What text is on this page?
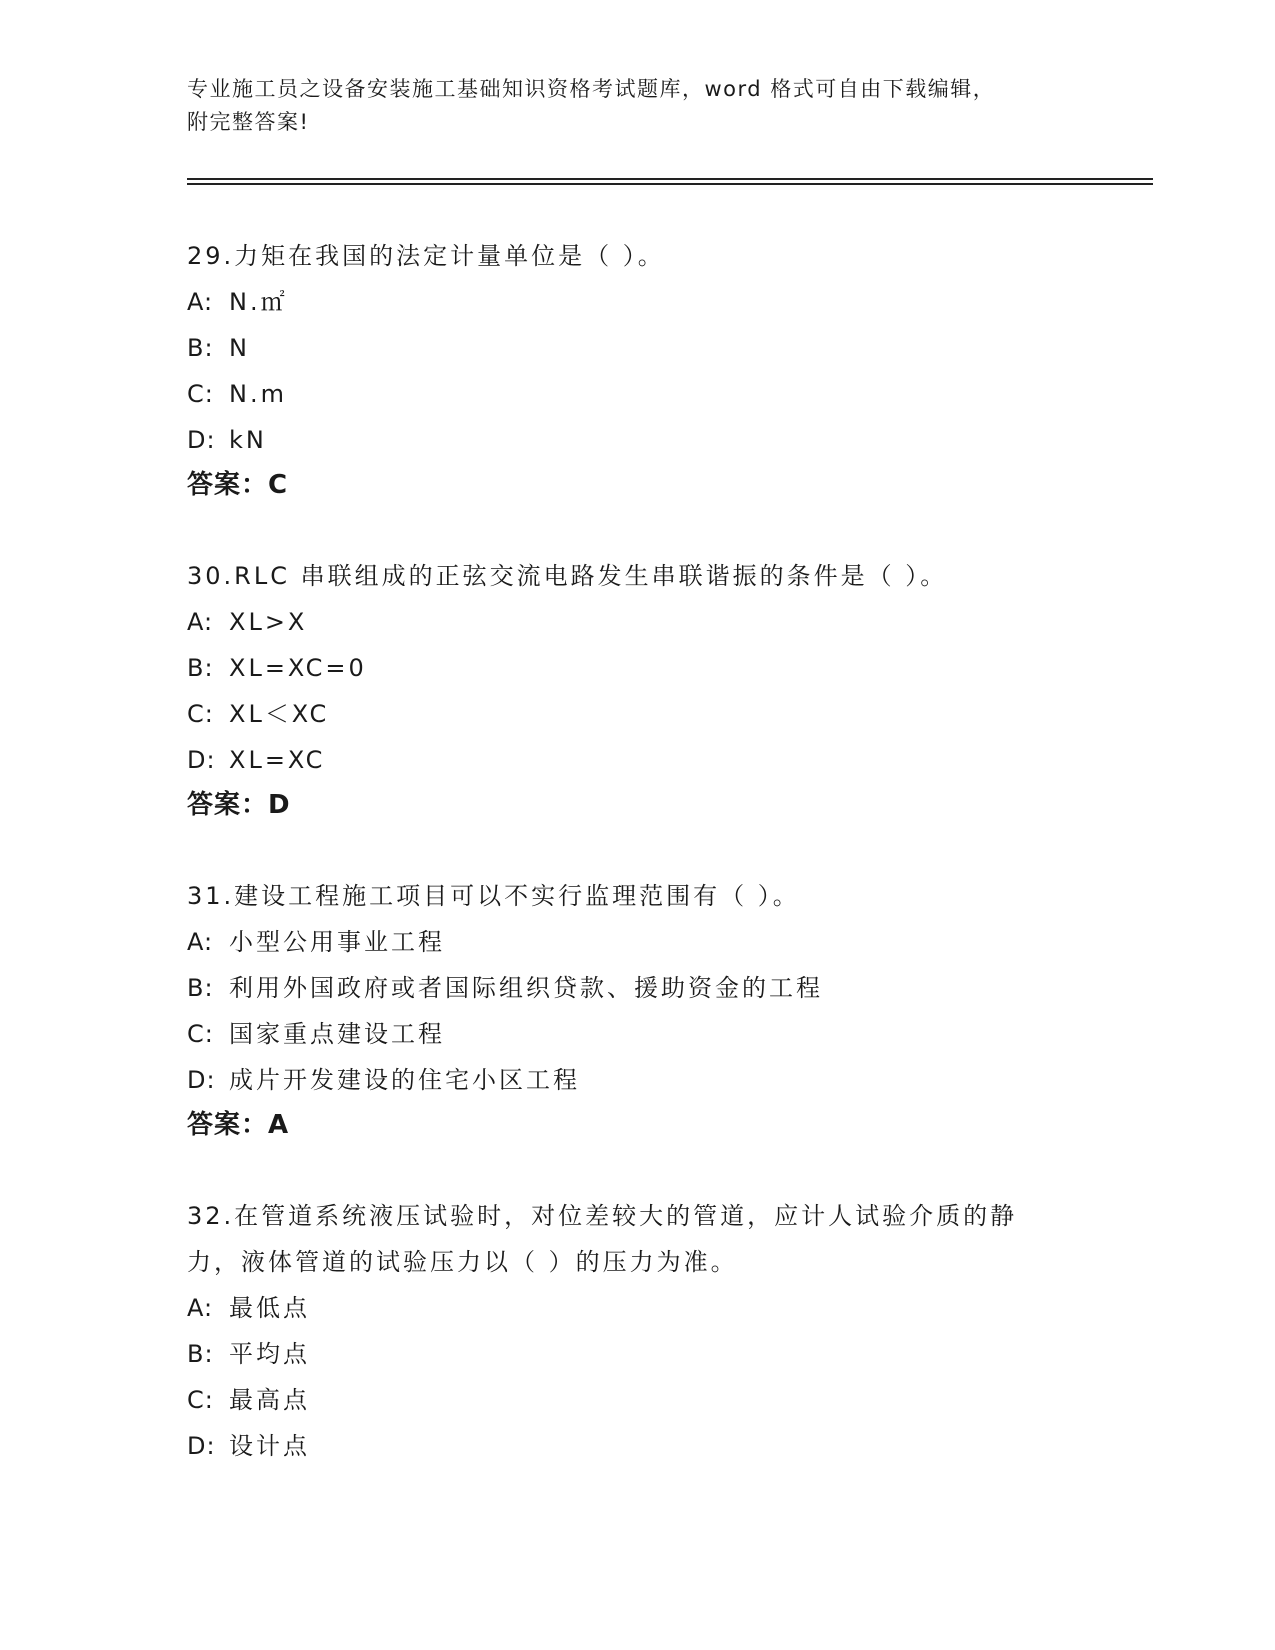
专业施工员之设备安装施工基础知识资格考试题库，word 格式可自由下载编辑，
附完整答案!

29.力矩在我国的法定计量单位是（ ）。

A: N.㎡

B: N

C: N.m

D: kN

答案：C

30.RLC 串联组成的正弦交流电路发生串联谐振的条件是（ ）。

A: XL>X

B: XL=XC=0

C: XL＜XC

D: XL=XC

答案：D

31.建设工程施工项目可以不实行监理范围有（ ）。

A: 小型公用事业工程

B: 利用外国政府或者国际组织贷款、援助资金的工程

C: 国家重点建设工程

D: 成片开发建设的住宅小区工程

答案：A

32.在管道系统液压试验时，对位差较大的管道，应计人试验介质的静

力，液体管道的试验压力以（ ）的压力为准。

A: 最低点

B: 平均点

C: 最高点

D: 设计点
